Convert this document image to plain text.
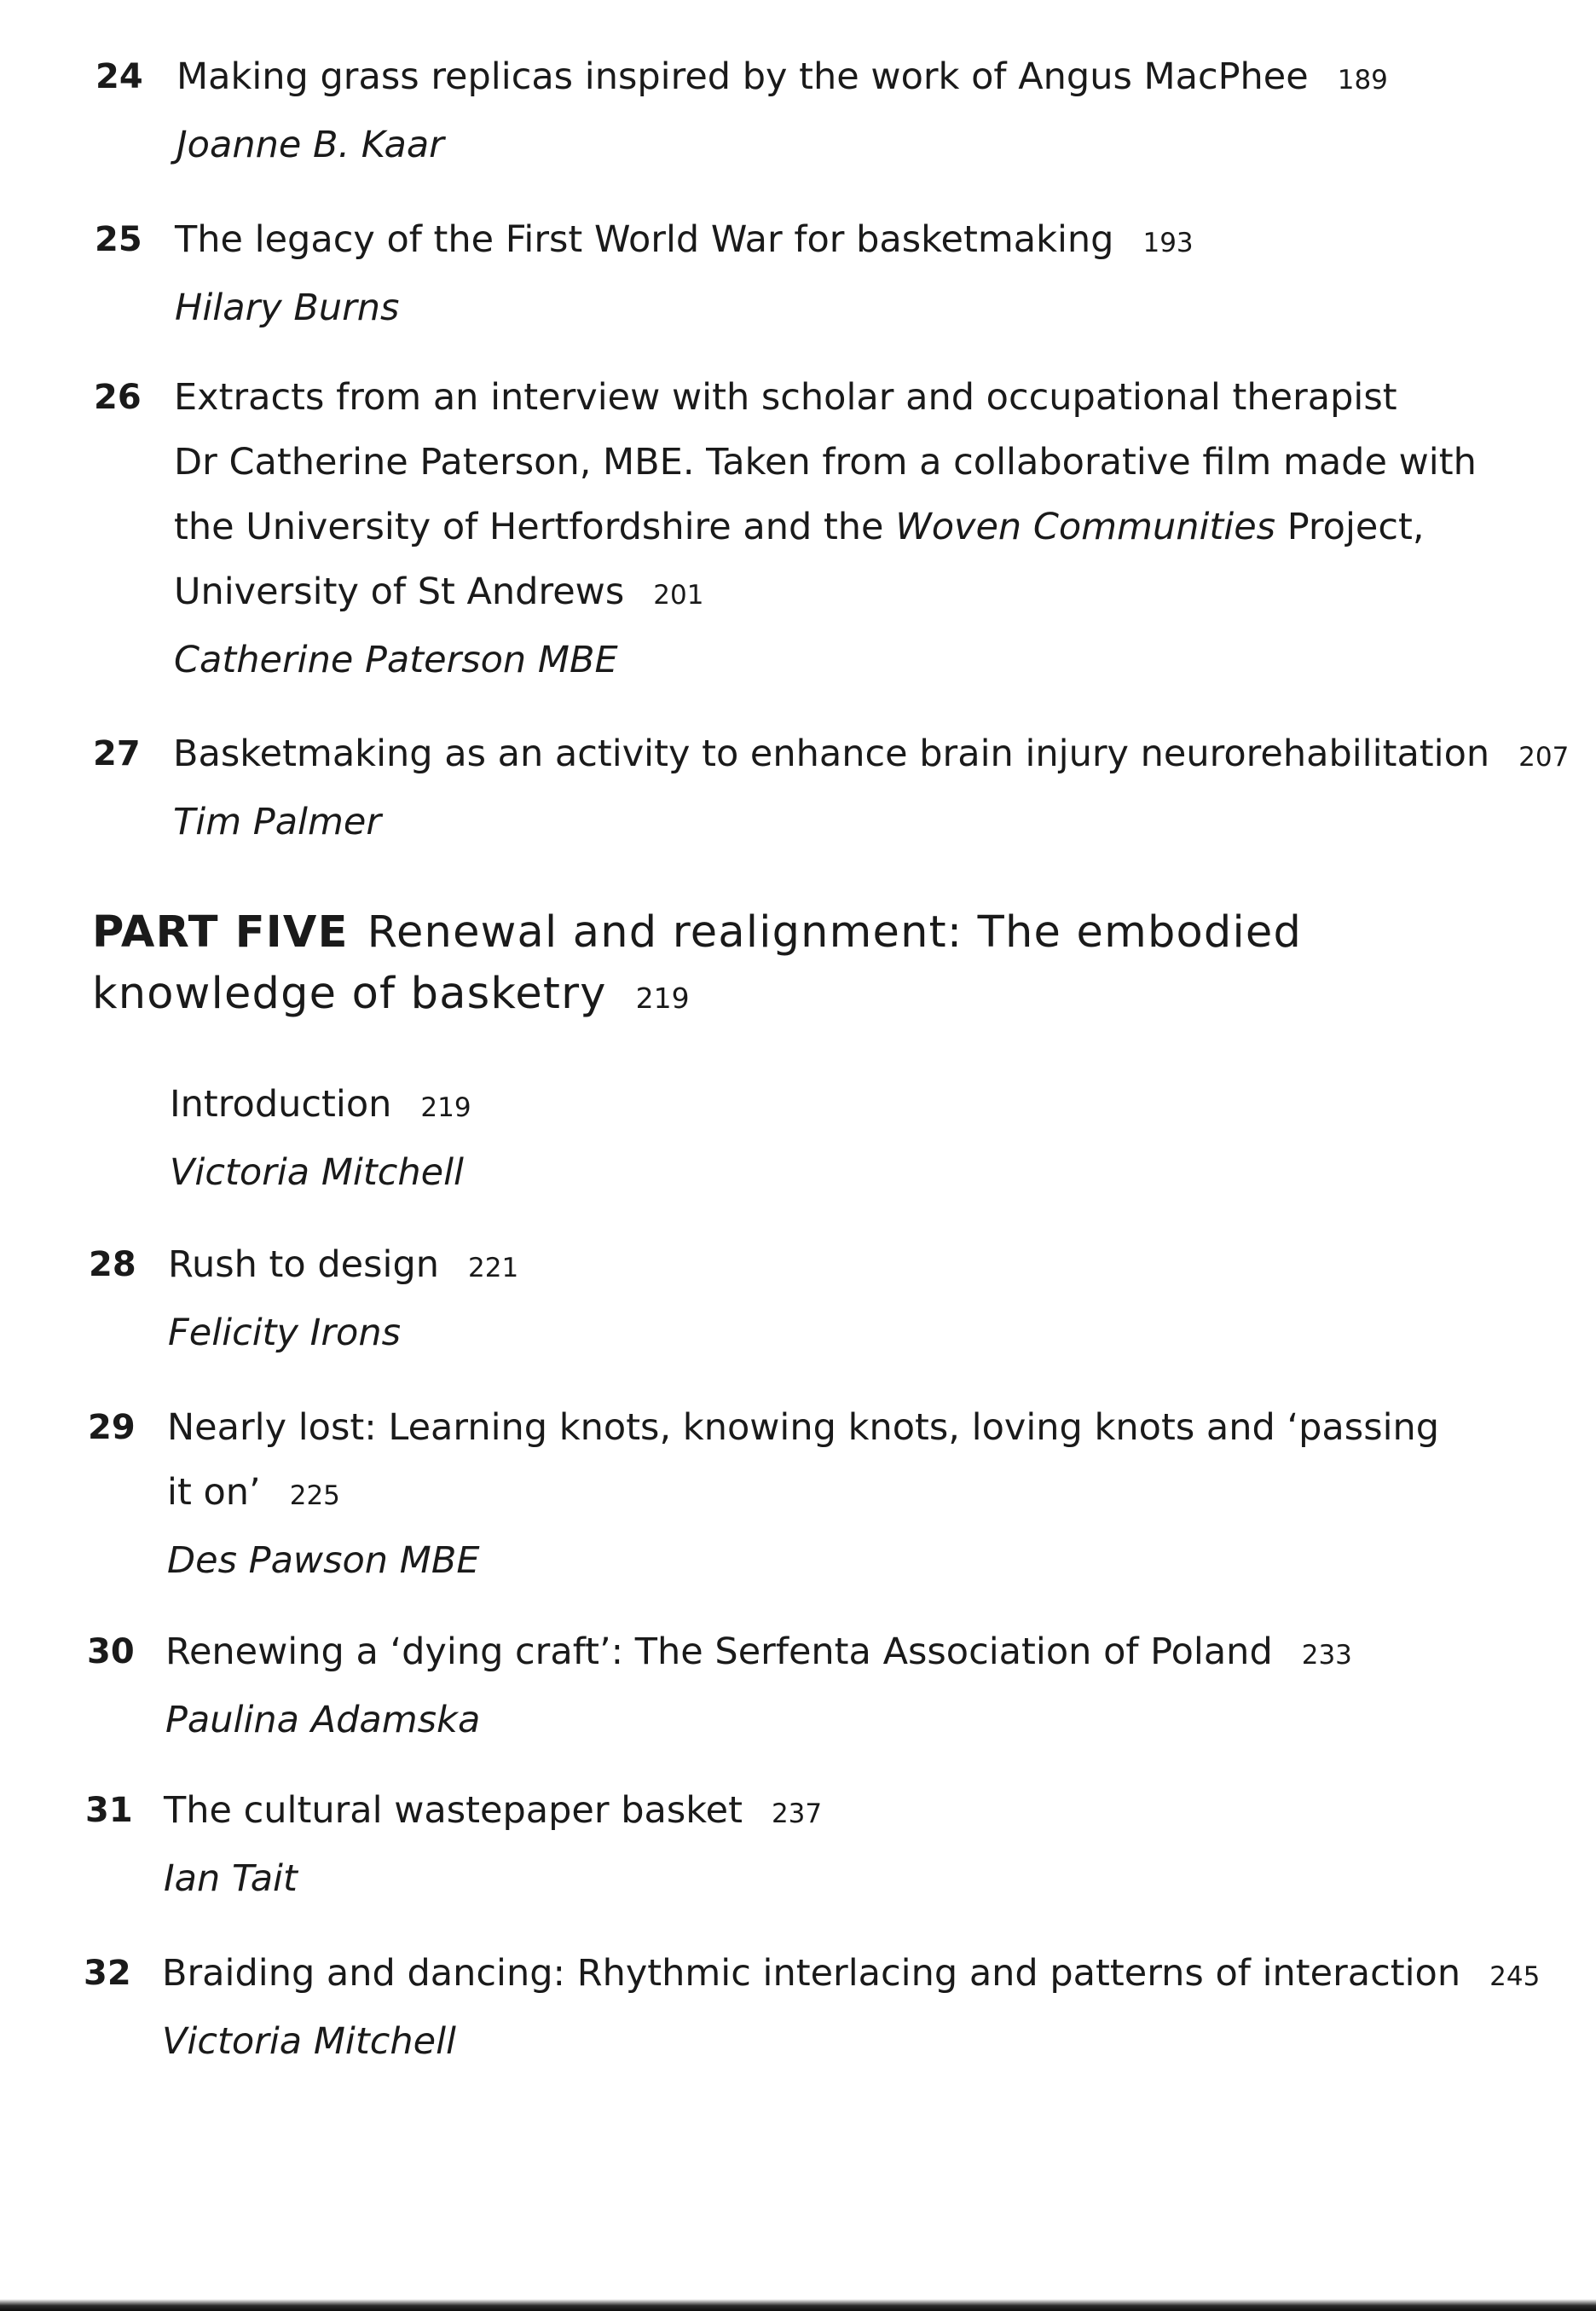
24 Making grass replicas inspired by the work of Angus MacPhee 189
Joanne B. Kaar
25 The legacy of the First World War for basketmaking 193
Hilary Burns
26 Extracts from an interview with scholar and occupational therapist
Dr Catherine Paterson, MBE. Taken from a collaborative film made with
the University of Hertfordshire and the Woven Communities Project,
University of St Andrews 201
Catherine Paterson MBE
27 Basketmaking as an activity to enhance brain injury neurorehabilitation 207
Tim Palmer
PART FIVE Renewal and realignment: The embodied
knowledge of basketry 219
Introduction 219
Victoria Mitchell
28 Rush to design 221
Felicity Irons
29 Nearly lost: Learning knots, knowing knots, loving knots and ‘passing
it on’ 225
Des Pawson MBE
30 Renewing a ‘dying craft’: The Serfenta Association of Poland 233
Paulina Adamska
31 The cultural wastepaper basket 237
Ian Tait
32 Braiding and dancing: Rhythmic interlacing and patterns of interaction 245
Victoria Mitchell
